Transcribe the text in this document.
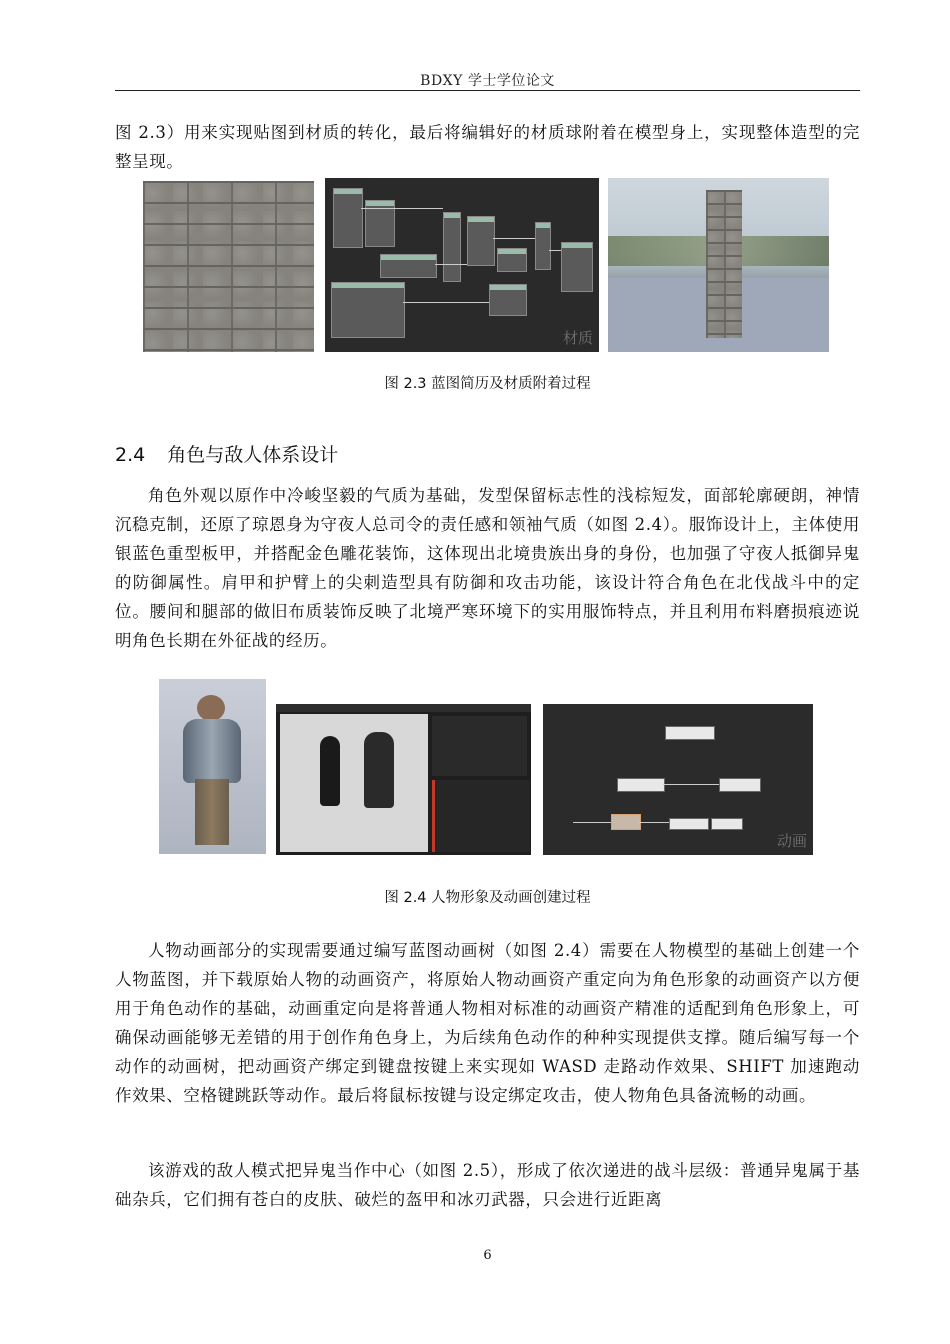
BDXY 学士学位论文

图 2.3）用来实现贴图到材质的转化，最后将编辑好的材质球附着在模型身上，实现整体造型的完整呈现。

材质
图 2.3 蓝图简历及材质附着过程
2.4 角色与敌人体系设计

角色外观以原作中冷峻坚毅的气质为基础，发型保留标志性的浅棕短发，面部轮廓硬朗，神情沉稳克制，还原了琼恩身为守夜人总司令的责任感和领袖气质（如图 2.4）。服饰设计上，主体使用银蓝色重型板甲，并搭配金色雕花装饰，这体现出北境贵族出身的身份，也加强了守夜人抵御异鬼的防御属性。肩甲和护臂上的尖刺造型具有防御和攻击功能，该设计符合角色在北伐战斗中的定位。腰间和腿部的做旧布质装饰反映了北境严寒环境下的实用服饰特点，并且利用布料磨损痕迹说明角色长期在外征战的经历。

动画
图 2.4 人物形象及动画创建过程

人物动画部分的实现需要通过编写蓝图动画树（如图 2.4）需要在人物模型的基础上创建一个人物蓝图，并下载原始人物的动画资产，将原始人物动画资产重定向为角色形象的动画资产以方便用于角色动作的基础，动画重定向是将普通人物相对标准的动画资产精准的适配到角色形象上，可确保动画能够无差错的用于创作角色身上，为后续角色动作的种种实现提供支撑。随后编写每一个动作的动画树，把动画资产绑定到键盘按键上来实现如 WASD 走路动作效果、SHIFT 加速跑动作效果、空格键跳跃等动作。最后将鼠标按键与设定绑定攻击，使人物角色具备流畅的动画。

该游戏的敌人模式把异鬼当作中心（如图 2.5），形成了依次递进的战斗层级：普通异鬼属于基础杂兵，它们拥有苍白的皮肤、破烂的盔甲和冰刃武器，只会进行近距离

6
